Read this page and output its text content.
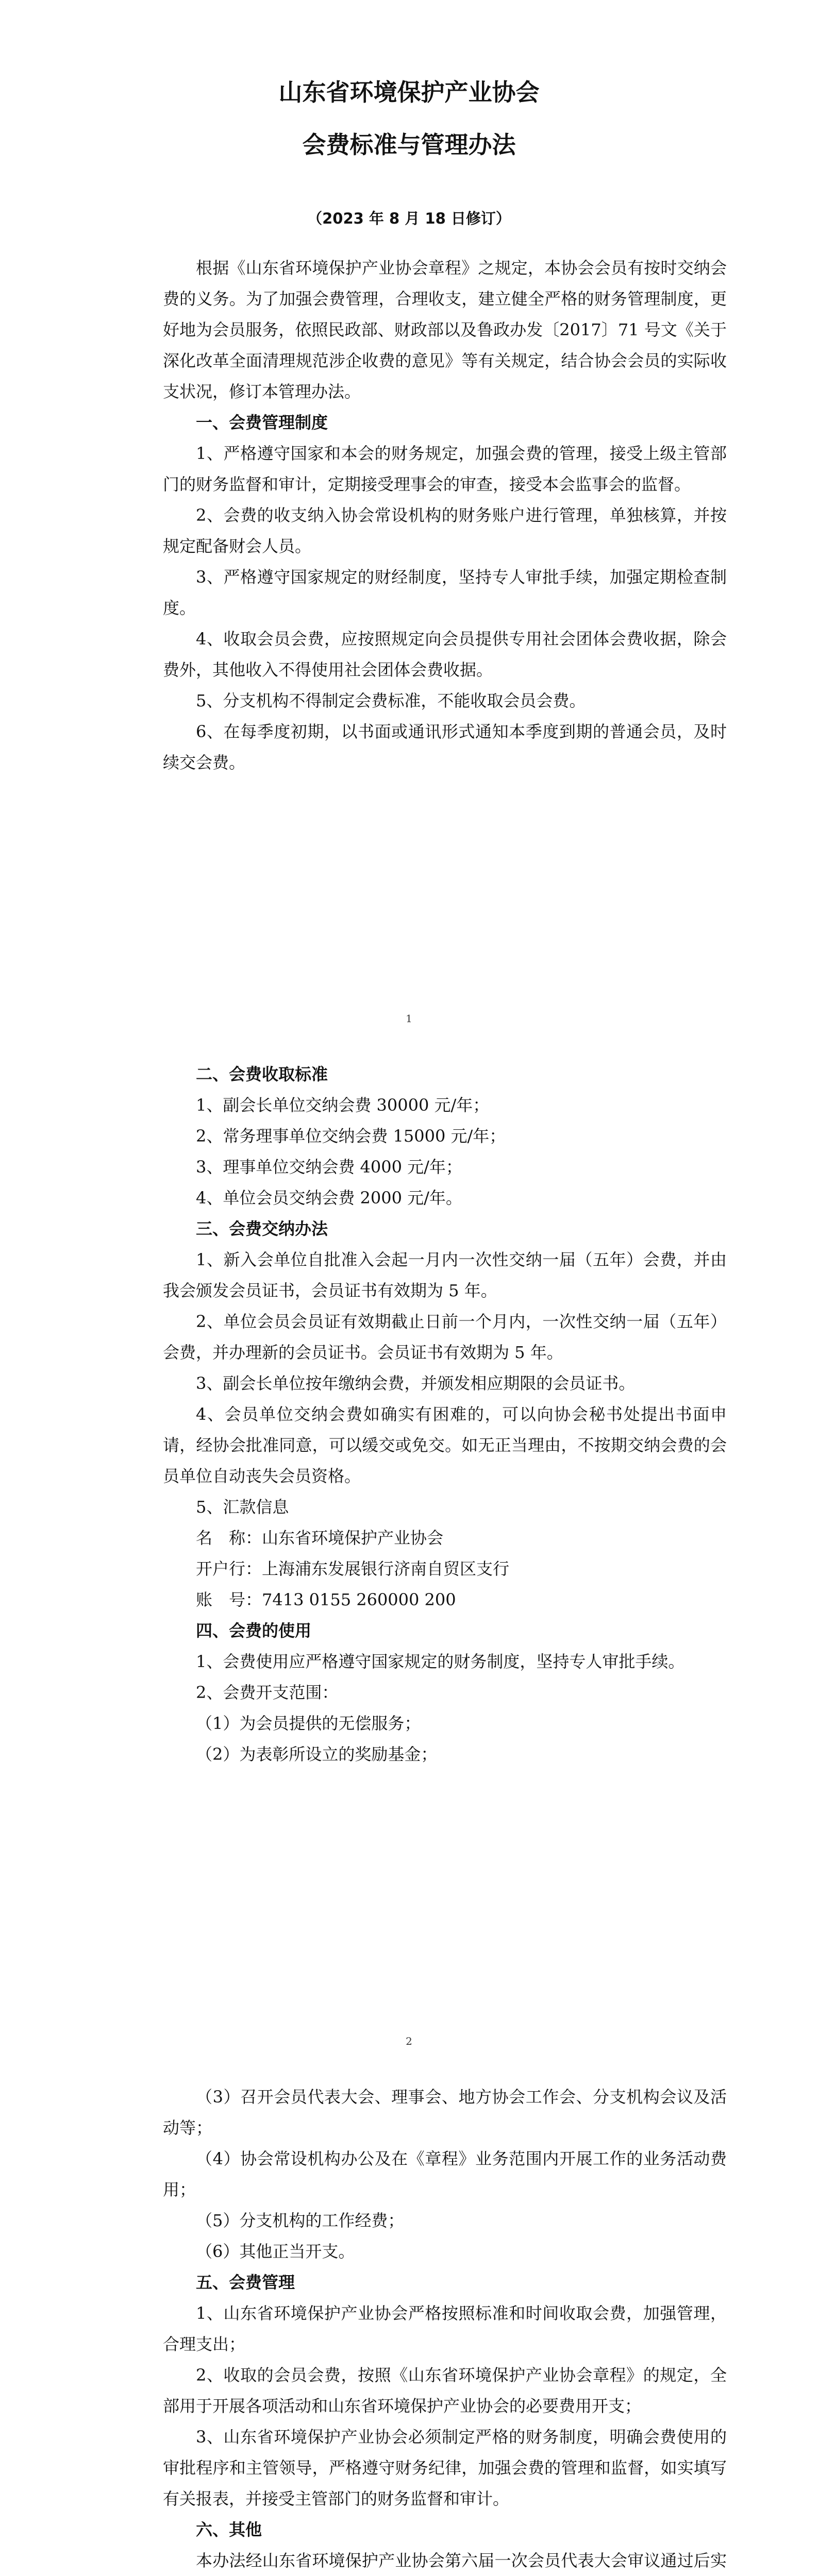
山东省环境保护产业协会
会费标准与管理办法
（2023 年 8 月 18 日修订）

根据《山东省环境保护产业协会章程》之规定，本协会会员有按时交纳会费的义务。为了加强会费管理，合理收支，建立健全严格的财务管理制度，更好地为会员服务，依照民政部、财政部以及鲁政办发〔2017〕71 号文《关于深化改革全面清理规范涉企收费的意见》等有关规定，结合协会会员的实际收支状况，修订本管理办法。

一、会费管理制度

1、严格遵守国家和本会的财务规定，加强会费的管理，接受上级主管部门的财务监督和审计，定期接受理事会的审查，接受本会监事会的监督。

2、会费的收支纳入协会常设机构的财务账户进行管理，单独核算，并按规定配备财会人员。

3、严格遵守国家规定的财经制度，坚持专人审批手续，加强定期检查制度。

4、收取会员会费，应按照规定向会员提供专用社会团体会费收据，除会费外，其他收入不得使用社会团体会费收据。

5、分支机构不得制定会费标准，不能收取会员会费。

6、在每季度初期，以书面或通讯形式通知本季度到期的普通会员，及时续交会费。

1

二、会费收取标准

1、副会长单位交纳会费 30000 元/年；

2、常务理事单位交纳会费 15000 元/年；

3、理事单位交纳会费 4000 元/年；

4、单位会员交纳会费 2000 元/年。

三、会费交纳办法

1、新入会单位自批准入会起一月内一次性交纳一届（五年）会费，并由我会颁发会员证书，会员证书有效期为 5 年。

2、单位会员会员证有效期截止日前一个月内，一次性交纳一届（五年）会费，并办理新的会员证书。会员证书有效期为 5 年。

3、副会长单位按年缴纳会费，并颁发相应期限的会员证书。

4、会员单位交纳会费如确实有困难的，可以向协会秘书处提出书面申请，经协会批准同意，可以缓交或免交。如无正当理由，不按期交纳会费的会员单位自动丧失会员资格。

5、汇款信息

名　称：山东省环境保护产业协会

开户行：上海浦东发展银行济南自贸区支行

账　号：7413 0155 260000 200

四、会费的使用

1、会费使用应严格遵守国家规定的财务制度，坚持专人审批手续。

2、会费开支范围：

（1）为会员提供的无偿服务；

（2）为表彰所设立的奖励基金；

2

（3）召开会员代表大会、理事会、地方协会工作会、分支机构会议及活动等；

（4）协会常设机构办公及在《章程》业务范围内开展工作的业务活动费用；

（5）分支机构的工作经费；

（6）其他正当开支。

五、会费管理

1、山东省环境保护产业协会严格按照标准和时间收取会费，加强管理，合理支出；

2、收取的会员会费，按照《山东省环境保护产业协会章程》的规定，全部用于开展各项活动和山东省环境保护产业协会的必要费用开支；

3、山东省环境保护产业协会必须制定严格的财务制度，明确会费使用的审批程序和主管领导，严格遵守财务纪律，加强会费的管理和监督，如实填写有关报表，并接受主管部门的财务监督和审计。

六、其他

本办法经山东省环境保护产业协会第六届一次会员代表大会审议通过后实
